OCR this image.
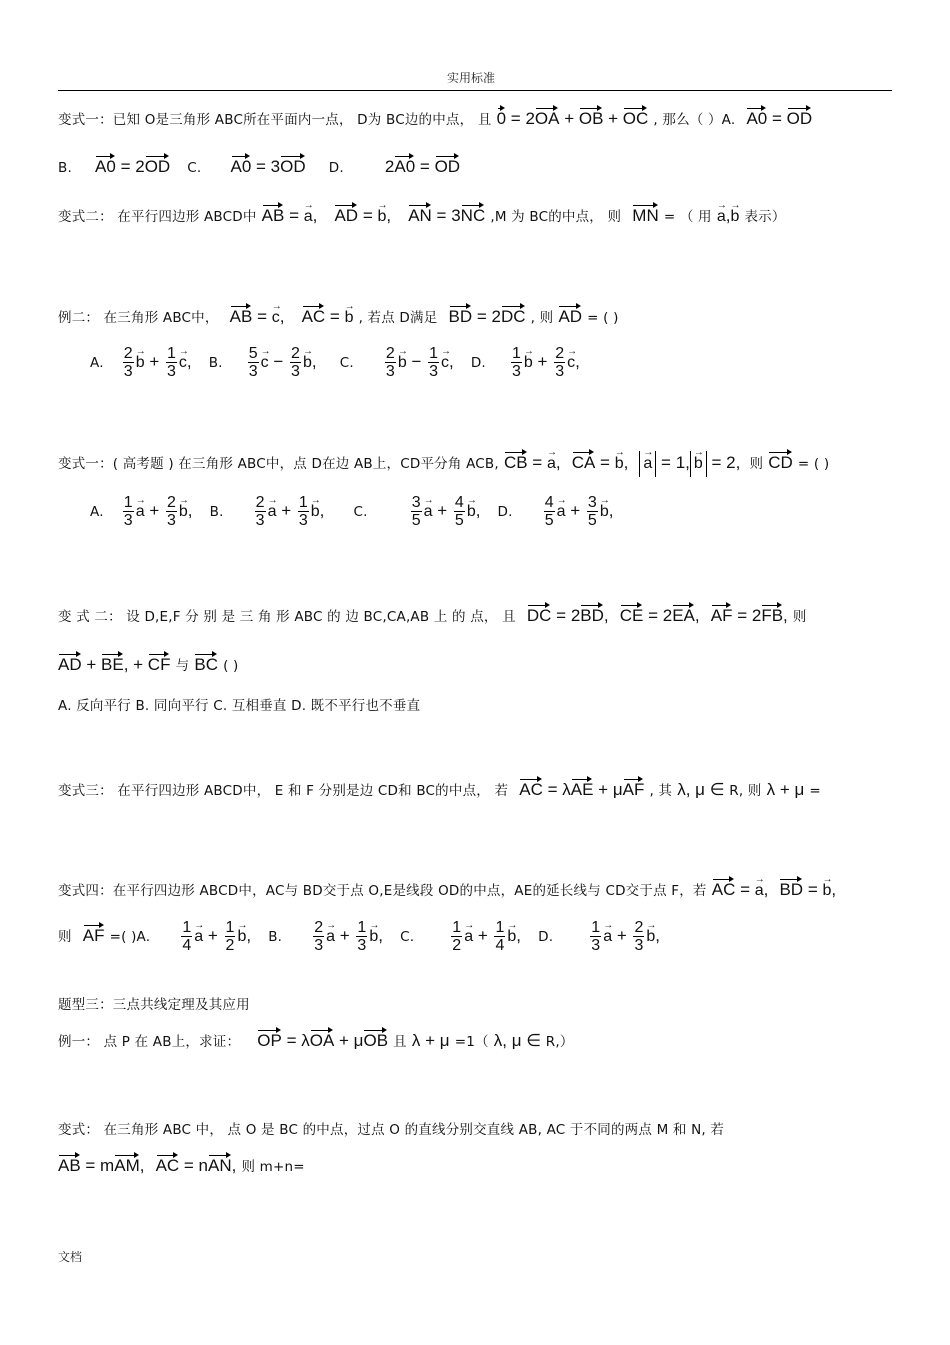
实用标准
变式一：已知 O是三角形 ABC所在平面内一点， D为 BC边的中点， 且 0 = 2OA + OB + OC , 那么（ ）A. A0 = OD
B. A0 = 2OD C. A0 = 3OD D. 2A0 = OD
变式二： 在平行四边形 ABCD中 AB = → a, AD = → b, AN = 3NC ,M 为 BC的中点， 则 MN = （ 用 → a,→ b 表示）
例二： 在三角形 ABC中， AB = → c, AC = → b , 若点 D满足 BD = 2DC , 则 AD = ( )
A. $\frac{2}{3}$
→ $b + \frac{1}{3}$
→ c, B. $\frac{5}{3}$
→ $c - \frac{2}{3}$
→ b, C. $\frac{2}{3}$
→ $b - \frac{1}{3}$
→ c, D. $\frac{1}{3}$
→ $b + \frac{2}{3}$
→ c,
变式一：( 高考题 ) 在三角形 ABC中，点 D在边 AB上，CD平分角 ACB, CB = → a, CA = → b, → a = 1,→ b = 2, 则 CD = ( )
A. $\frac{1}{3}$
→ $a + \frac{2}{3}$
→ b, B. $\frac{2}{3}$
→ $a + \frac{1}{3}$
→ b, C.	$\frac{3}{5}$
→ $a + \frac{4}{5}$
→ b, D. $\frac{4}{5}$
→ $a + \frac{3}{5}$
→ b,
变 式 二： 设 D,E,F 分 别 是 三 角 形 ABC 的 边 BC,CA,AB 上 的 点， 且 DC = 2BD, CE = 2EA, AF = 2FB, 则
AD + BE, + CF 与 BC ( )
A. 反向平行 B. 同向平行 C. 互相垂直 D. 既不平行也不垂直
变式三： 在平行四边形 ABCD中， E 和 F 分别是边 CD和 BC的中点， 若 AC = λAE + μAF , 其 λ, μ ∈ R, 则 λ + μ =
变式四：在平行四边形 ABCD中，AC与 BD交于点 O,E是线段 OD的中点，AE的延长线与 CD交于点 F，若 AC = → a, BD = → b,
则 AF =( )A. $\frac{1}{4}$
→ $a + \frac{1}{2}$
→ b, B. $\frac{2}{3}$
→ $a + \frac{1}{3}$
→ b, C. $\frac{1}{2}$
→ $a + \frac{1}{4}$
→ b, D. $\frac{1}{3}$
→ $a + \frac{2}{3}$
→ b,
题型三：三点共线定理及其应用
例一： 点 P 在 AB上，求证： OP = λOA + μOB 且 λ + μ =1（ λ, μ ∈ R,）
变式： 在三角形 ABC 中， 点 O 是 BC 的中点，过点 O 的直线分别交直线 AB, AC 于不同的两点 M 和 N, 若
AB = mAM, AC = nAN, 则 m+n=
文档
